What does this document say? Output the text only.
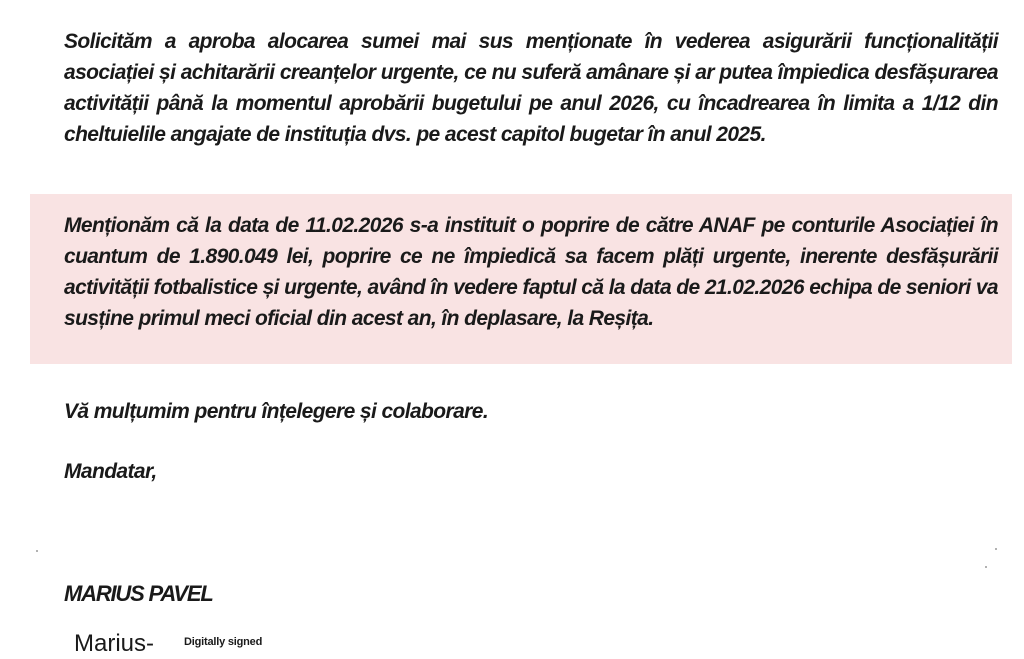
Solicităm a aproba alocarea sumei mai sus menționate în vederea asigurării funcționalității asociației și achitarării creanțelor urgente, ce nu suferă amânare și ar putea împiedica desfășurarea activității până la momentul aprobării bugetului pe anul 2026, cu încadrearea în limita a 1/12 din cheltuielile angajate de instituția dvs. pe acest capitol bugetar în anul 2025.

Menționăm că la data de 11.02.2026 s-a instituit o poprire de către ANAF pe conturile Asociației în cuantum de 1.890.049 lei, poprire ce ne împiedică sa facem plăți urgente, inerente desfășurării activității fotbalistice și urgente, având în vedere faptul că la data de 21.02.2026 echipa de seniori va susține primul meci oficial din acest an, în deplasare, la Reșița.

Vă mulțumim pentru înțelegere și colaborare.

Mandatar,

MARIUS PAVEL

Marius-	Digitally signed
